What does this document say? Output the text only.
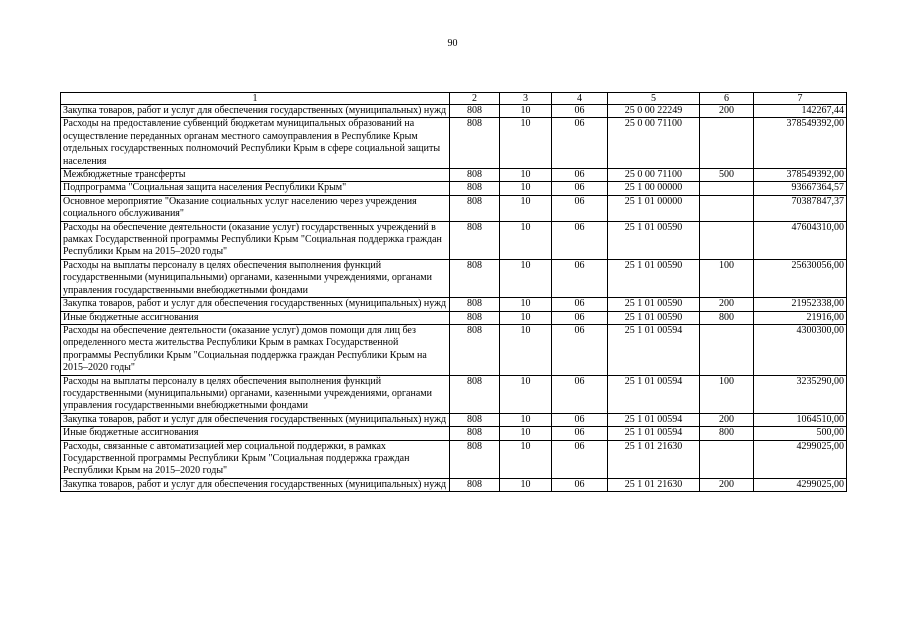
90
1	2	3	4	5	6	7
Закупка товаров, работ и услуг для обеспечения государственных (муниципальных) нужд	808	10	06	25 0 00 22249	200	142267,44
Расходы на предоставление субвенций бюджетам муниципальных образований на осуществление переданных органам местного самоуправления в Республике Крым отдельных государственных полномочий Республики Крым в сфере социальной защиты населения	808	10	06	25 0 00 71100		378549392,00
Межбюджетные трансферты	808	10	06	25 0 00 71100	500	378549392,00
Подпрограмма "Социальная защита населения Республики Крым"	808	10	06	25 1 00 00000		93667364,57
Основное мероприятие "Оказание социальных услуг населению через учреждения социального обслуживания"	808	10	06	25 1 01 00000		70387847,37
Расходы на обеспечение деятельности (оказание услуг) государственных учреждений в рамках Государственной программы Республики Крым "Социальная поддержка граждан Республики Крым на 2015–2020 годы"	808	10	06	25 1 01 00590		47604310,00
Расходы на выплаты персоналу в целях обеспечения выполнения функций государственными (муниципальными) органами, казенными учреждениями, органами управления государственными внебюджетными фондами	808	10	06	25 1 01 00590	100	25630056,00
Закупка товаров, работ и услуг для обеспечения государственных (муниципальных) нужд	808	10	06	25 1 01 00590	200	21952338,00
Иные бюджетные ассигнования	808	10	06	25 1 01 00590	800	21916,00
Расходы на обеспечение деятельности (оказание услуг) домов помощи для лиц без определенного места жительства Республики Крым в рамках Государственной программы Республики Крым "Социальная поддержка граждан Республики Крым на 2015–2020 годы"	808	10	06	25 1 01 00594		4300300,00
Расходы на выплаты персоналу в целях обеспечения выполнения функций государственными (муниципальными) органами, казенными учреждениями, органами управления государственными внебюджетными фондами	808	10	06	25 1 01 00594	100	3235290,00
Закупка товаров, работ и услуг для обеспечения государственных (муниципальных) нужд	808	10	06	25 1 01 00594	200	1064510,00
Иные бюджетные ассигнования	808	10	06	25 1 01 00594	800	500,00
Расходы, связанные с автоматизацией мер социальной поддержки, в рамках Государственной программы Республики Крым "Социальная поддержка граждан Республики Крым на 2015–2020 годы"	808	10	06	25 1 01 21630		4299025,00
Закупка товаров, работ и услуг для обеспечения государственных (муниципальных) нужд	808	10	06	25 1 01 21630	200	4299025,00
